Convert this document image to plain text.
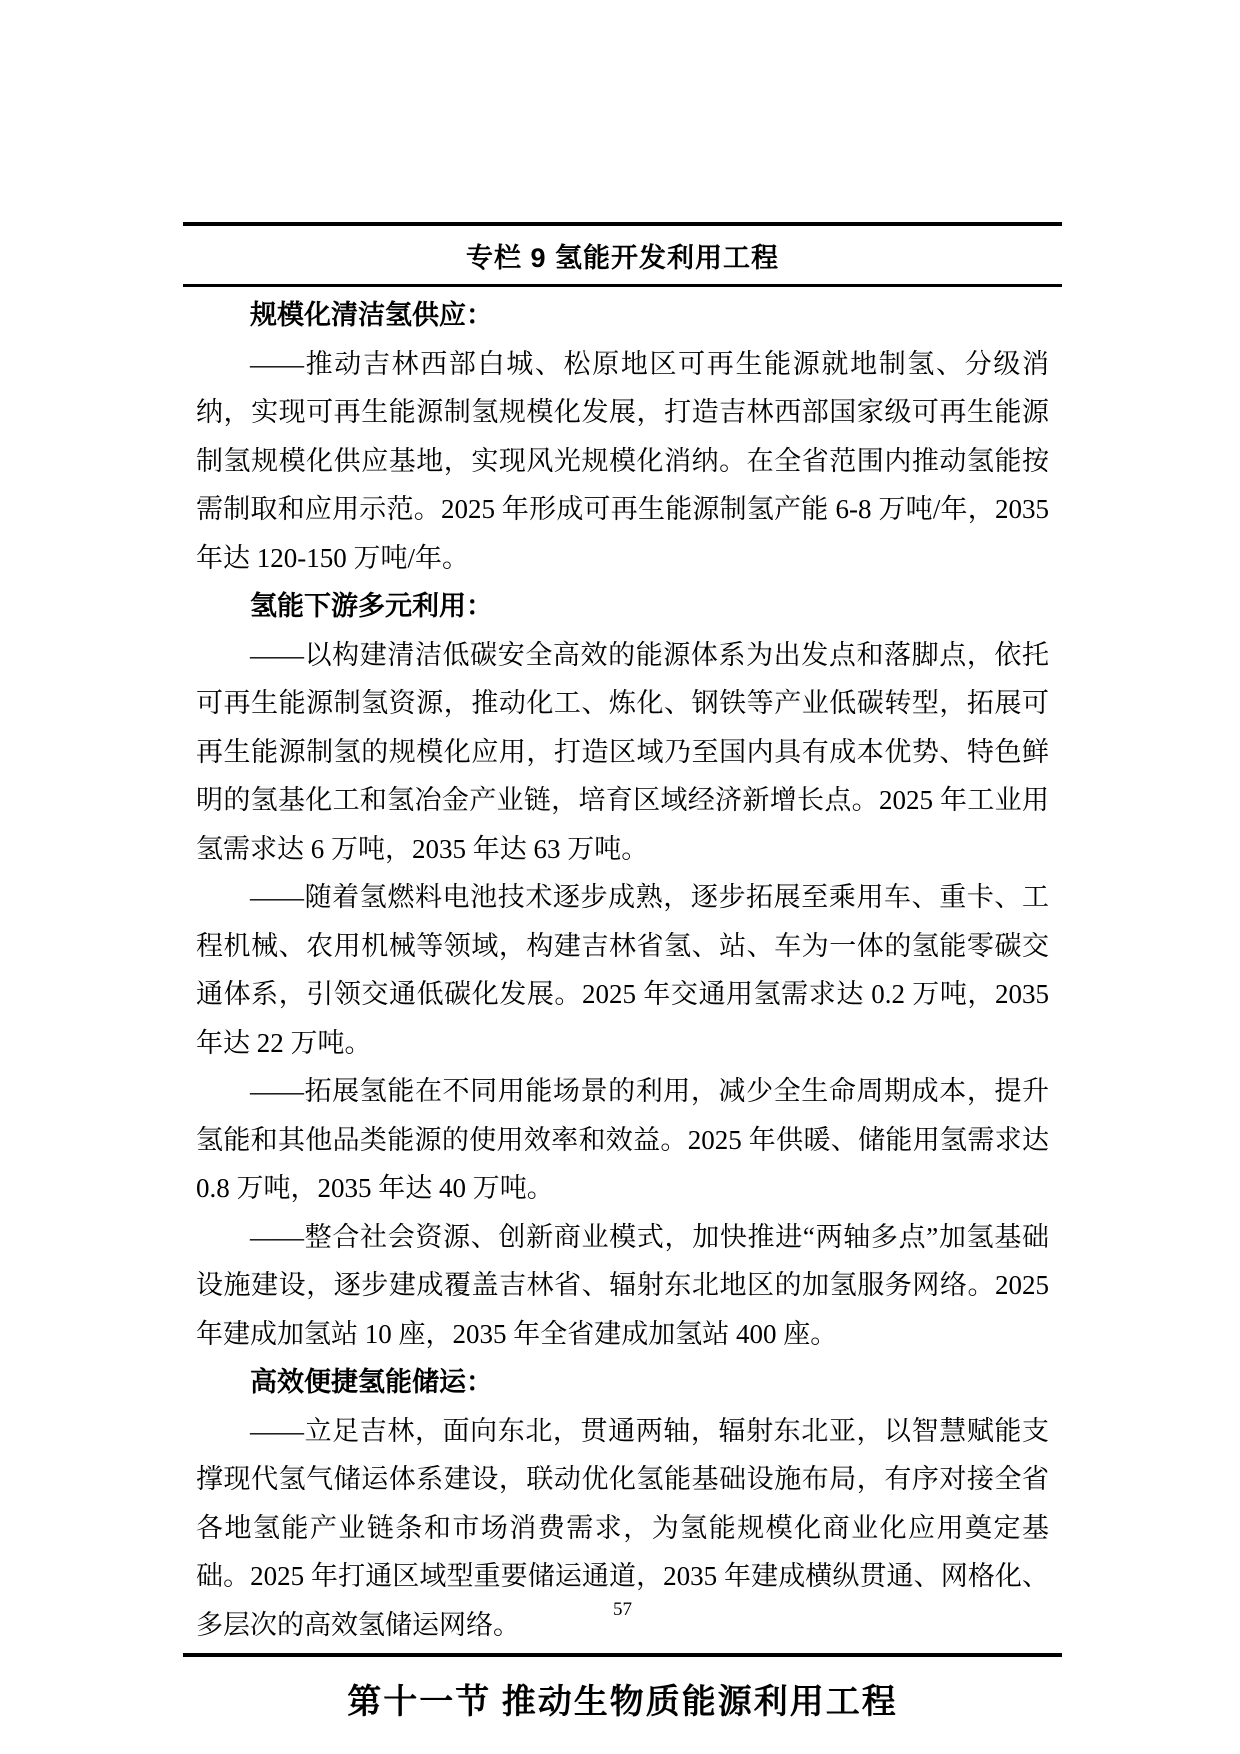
专栏 9 氢能开发利用工程

规模化清洁氢供应：

——推动吉林西部白城、松原地区可再生能源就地制氢、分级消纳，实现可再生能源制氢规模化发展，打造吉林西部国家级可再生能源制氢规模化供应基地，实现风光规模化消纳。在全省范围内推动氢能按需制取和应用示范。2025 年形成可再生能源制氢产能 6-8 万吨/年，2035 年达 120-150 万吨/年。

氢能下游多元利用：

——以构建清洁低碳安全高效的能源体系为出发点和落脚点，依托可再生能源制氢资源，推动化工、炼化、钢铁等产业低碳转型，拓展可再生能源制氢的规模化应用，打造区域乃至国内具有成本优势、特色鲜明的氢基化工和氢冶金产业链，培育区域经济新增长点。2025 年工业用氢需求达 6 万吨，2035 年达 63 万吨。

——随着氢燃料电池技术逐步成熟，逐步拓展至乘用车、重卡、工程机械、农用机械等领域，构建吉林省氢、站、车为一体的氢能零碳交通体系，引领交通低碳化发展。2025 年交通用氢需求达 0.2 万吨，2035 年达 22 万吨。

——拓展氢能在不同用能场景的利用，减少全生命周期成本，提升氢能和其他品类能源的使用效率和效益。2025 年供暖、储能用氢需求达 0.8 万吨，2035 年达 40 万吨。

——整合社会资源、创新商业模式，加快推进“两轴多点”加氢基础设施建设，逐步建成覆盖吉林省、辐射东北地区的加氢服务网络。2025 年建成加氢站 10 座，2035 年全省建成加氢站 400 座。

高效便捷氢能储运：

——立足吉林，面向东北，贯通两轴，辐射东北亚，以智慧赋能支撑现代氢气储运体系建设，联动优化氢能基础设施布局，有序对接全省各地氢能产业链条和市场消费需求，为氢能规模化商业化应用奠定基础。2025 年打通区域型重要储运通道，2035 年建成横纵贯通、网格化、多层次的高效氢储运网络。

第十一节 推动生物质能源利用工程
57
